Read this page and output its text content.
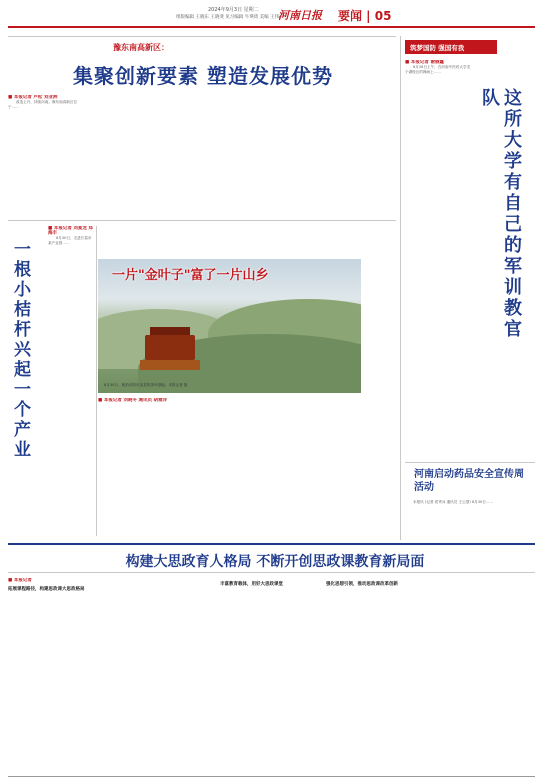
2024年9月3日 星期二
组版编辑 王晓东 王晓斐 见习编辑 牛瑛琦 美编 王伟宾
河南日报 要闻 | 05
豫东南高新区：
集聚创新要素 塑造发展优势
■ 本报记者 卢松 刘亚洲

改造上升，持续向南。豫东南高新区位于……

一根小桔杆兴起一个产业
■ 本报记者 刘夏龙 郑海丰

8月30日，走进长葛市某产业园……

一片"金叶子"富了一片山乡
8月30日，航拍信阳市某县的茶叶基地。本报记者 摄
■ 本报记者 刘晓冬 通讯员 胡雅洋

筑梦国防 强国有我
这所大学有自己的军训教官队
■ 本报记者 谢丽鑫

8月28日上午，在河南中医药大学龙子湖校区的操场上……

河南启动药品安全宣传周活动

本报讯 (记者 侯秀冰 通讯员 王云望) 8月30日……

构建大思政育人格局 不断开创思政课教育新局面
■ 本报记者

拓展课程路径，构建思政课大思政格局

丰富教育载体，用好大思政课堂	强化思想引领，推动思政课改革创新
